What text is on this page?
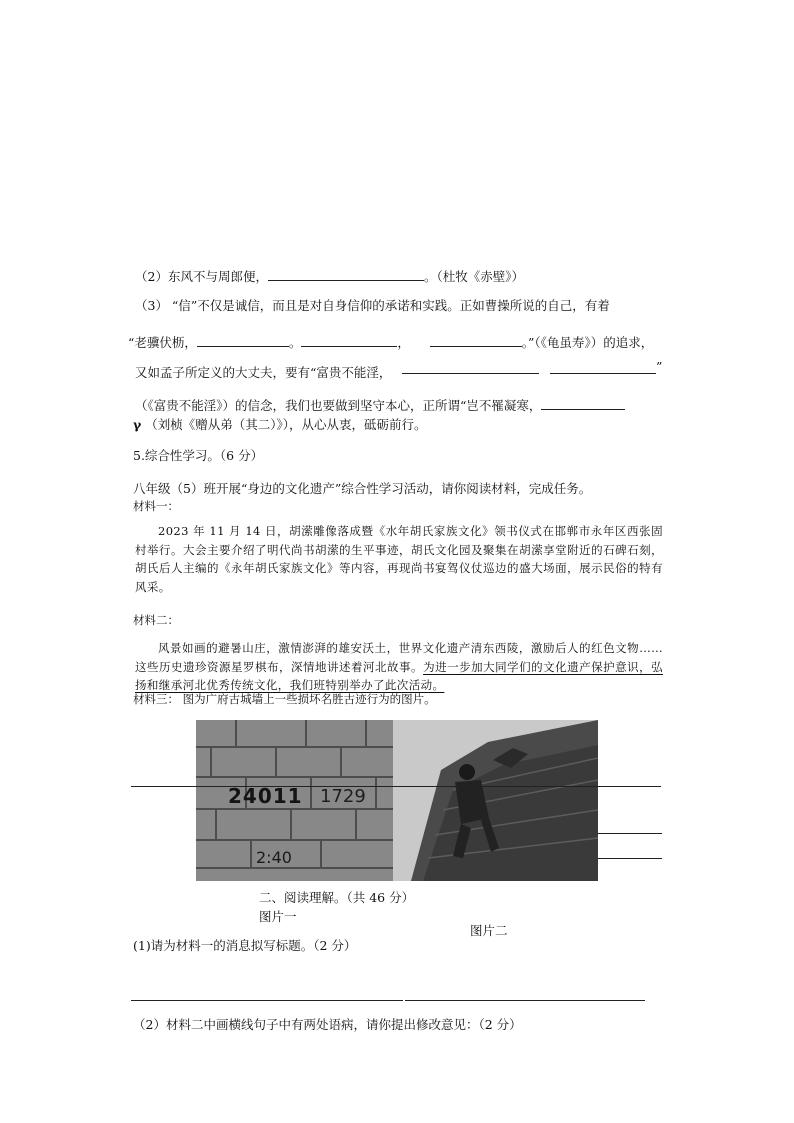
（2）东风不与周郎便，	。（杜牧《赤壁》）
（3） “信”不仅是诚信，而且是对自身信仰的承诺和实践。正如曹操所说的自己，有着
“老骥伏枥，	。	，	。”（《龟虽寿》）的追求，
又如孟子所定义的大丈夫，要有“富贵不能淫，	”
（《富贵不能淫》）的信念，我们也要做到坚守本心，正所谓“岂不罹凝寒，
γ （刘桢《赠从弟（其二）》），从心从衷，砥砺前行。
5.综合性学习。（6 分）
八年级（5）班开展“身边的文化遗产”综合性学习活动，请你阅读材料，完成任务。
材料一：

2023 年 11 月 14 日，胡潆雕像落成暨《水年胡氏家族文化》领书仪式在邯郸市永年区西张固村举行。大会主要介绍了明代尚书胡潆的生平事迹，胡氏文化园及聚集在胡潆享堂附近的石碑石刻，胡氏后人主编的《永年胡氏家族文化》等内容，再现尚书宴驾仪仗巡边的盛大场面，展示民俗的特有风采。

材料二：

风景如画的避暑山庄，激情澎湃的雄安沃土，世界文化遗产清东西陵，激励后人的红色文物……这些历史遗珍资源星罗棋布，深情地讲述着河北故事。为进一步加大同学们的文化遗产保护意识，弘扬和继承河北优秀传统文化，我们班特别举办了此次活动。

材料三： 图为广府古城墙上一些损坏名胜古迹行为的图片。
24011 1729
2:40
二、阅读理解。（共 46 分）
图片一
图片二
(1)请为材料一的消息拟写标题。（2 分）
（2）材料二中画横线句子中有两处语病，请你提出修改意见：（2 分）
